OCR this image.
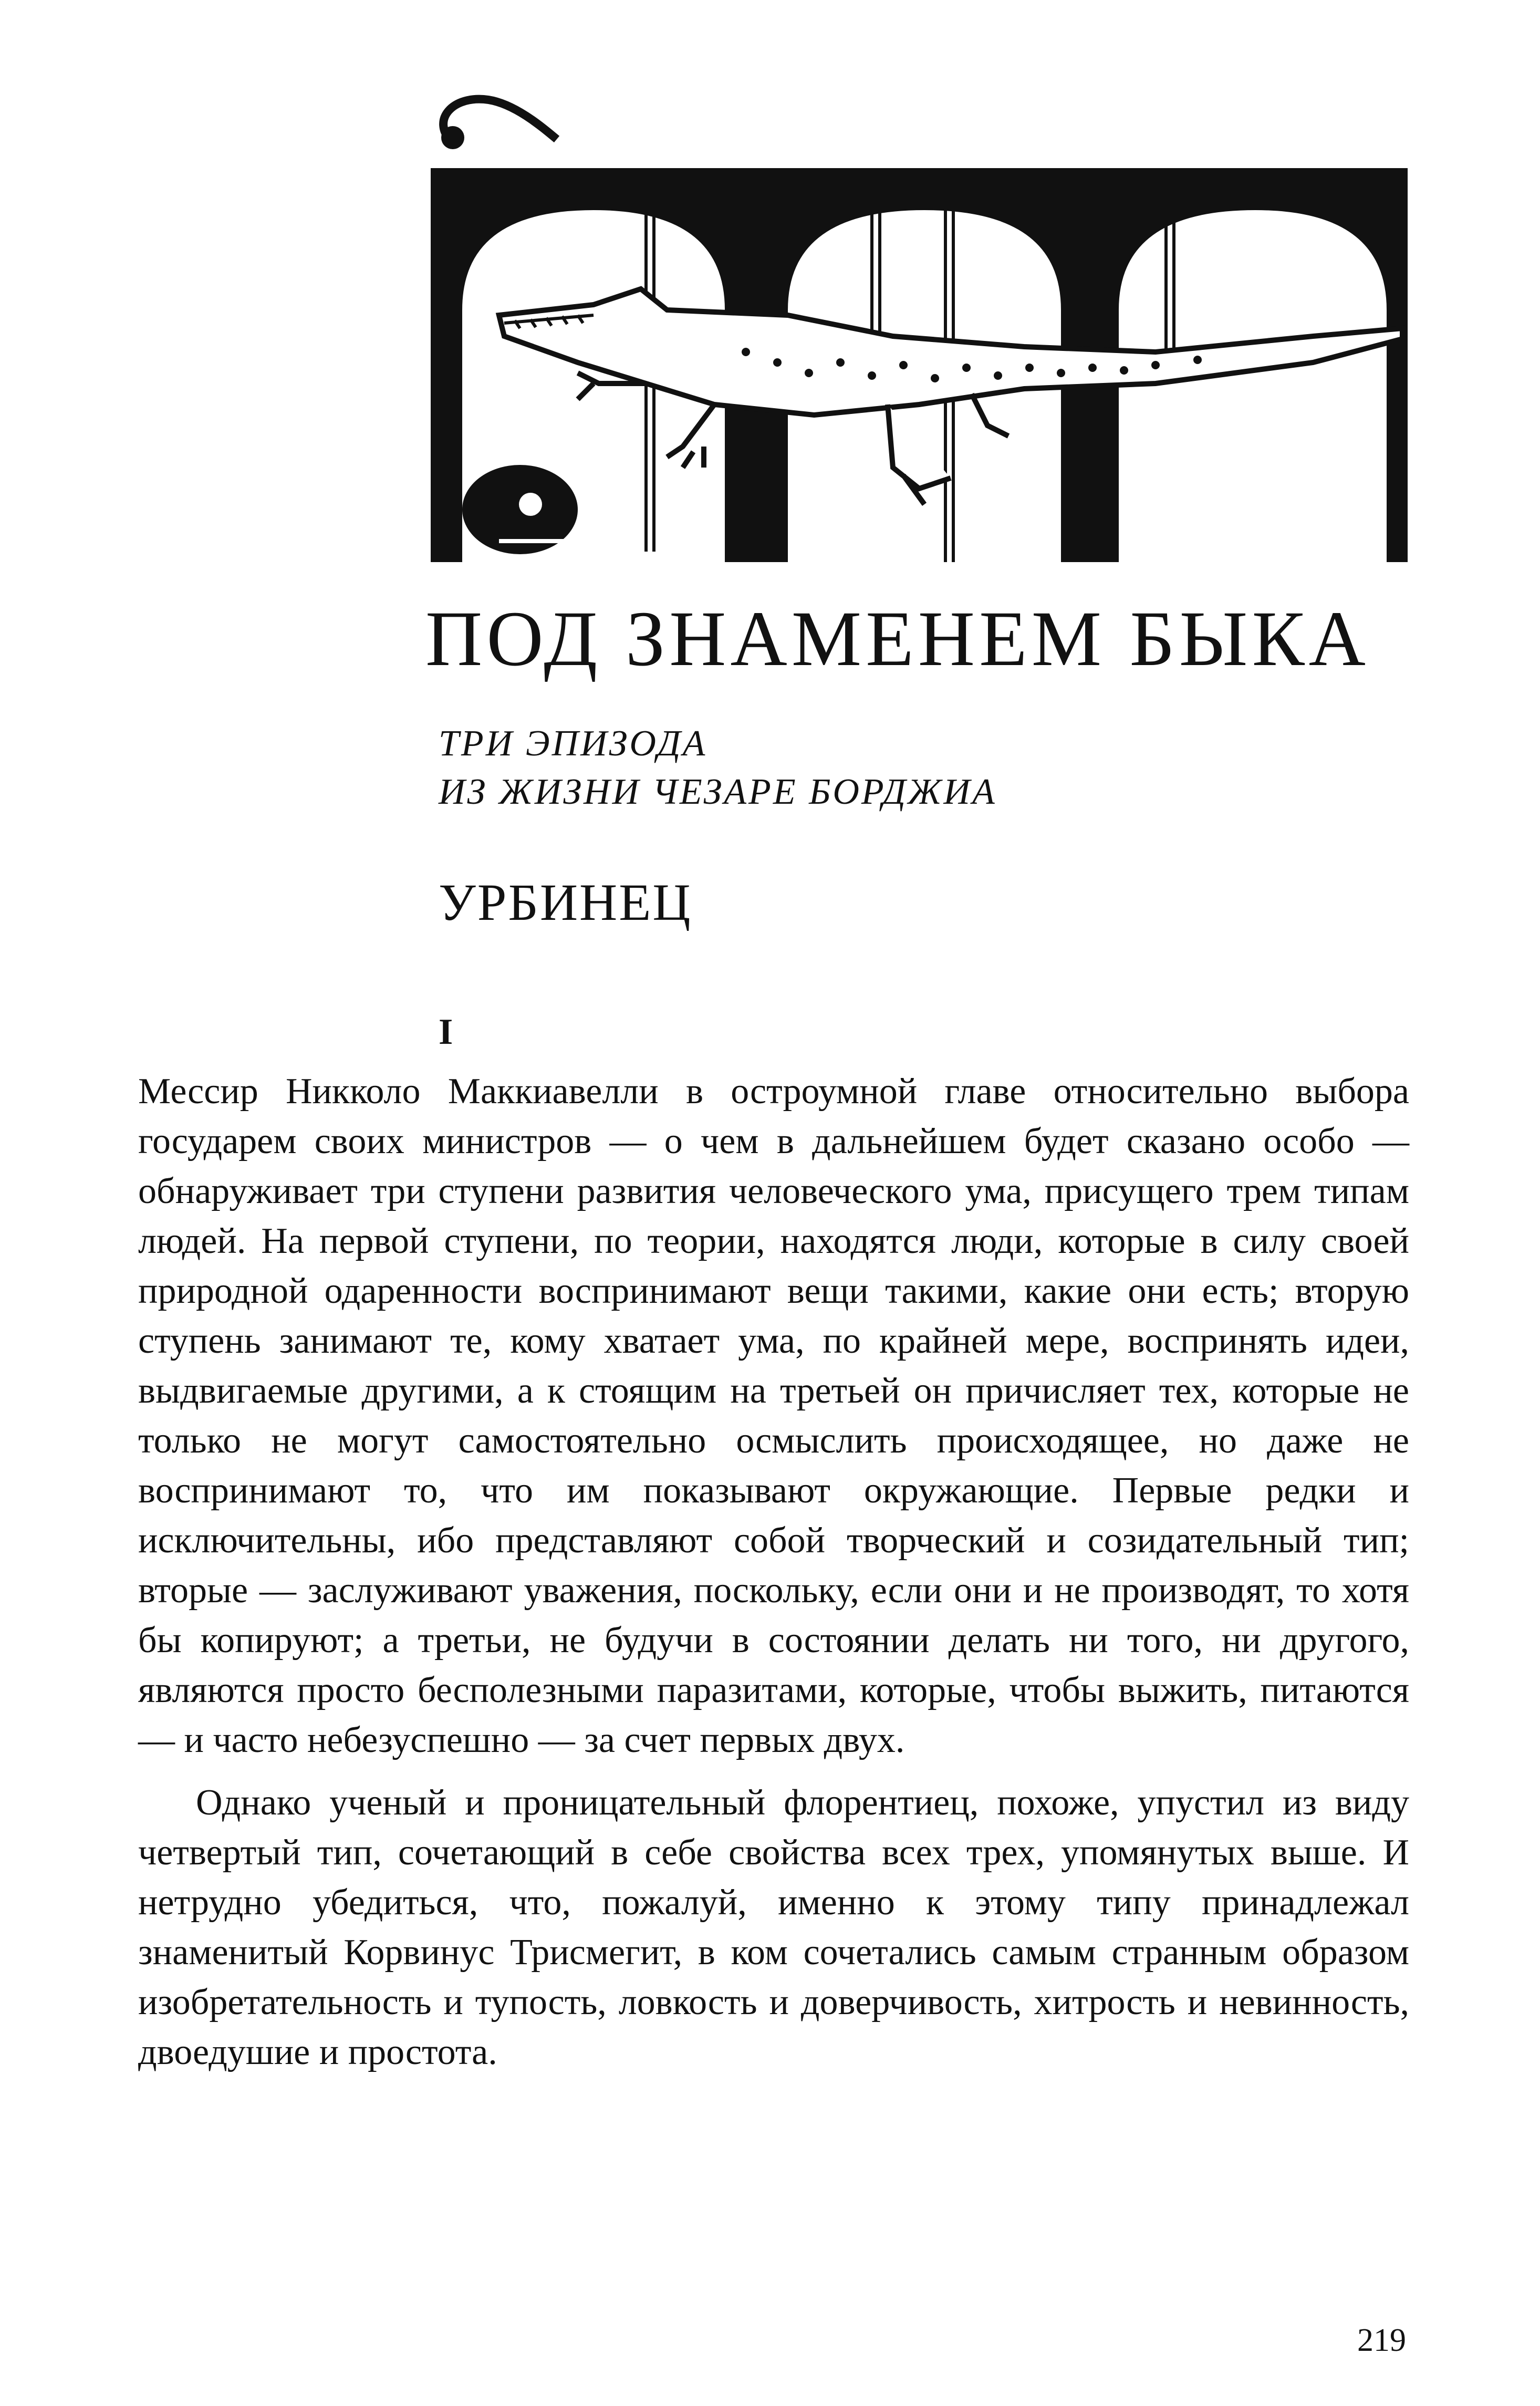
ПОД ЗНАМЕНЕМ БЫКА
ТРИ ЭПИЗОДА
ИЗ ЖИЗНИ ЧЕЗАРЕ БОРДЖИА
УРБИНЕЦ
I

Мессир Никколо Маккиавелли в остроумной главе относительно выбора государем своих министров — о чем в дальнейшем будет сказано особо — обнаруживает три ступени развития человеческого ума, присущего трем типам людей. На первой ступени, по теории, находятся люди, которые в силу своей природной одаренности воспринимают вещи такими, какие они есть; вторую ступень занимают те, кому хватает ума, по крайней мере, воспринять идеи, выдвигаемые другими, а к стоящим на третьей он причисляет тех, которые не только не могут самостоятельно осмыслить происходящее, но даже не воспринимают то, что им показывают окружающие. Первые редки и исключительны, ибо представляют собой творческий и созидательный тип; вторые — заслуживают уважения, поскольку, если они и не производят, то хотя бы копируют; а третьи, не будучи в состоянии делать ни того, ни другого, являются просто бесполезными паразитами, которые, чтобы выжить, питаются — и часто небезуспешно — за счет первых двух.

Однако ученый и проницательный флорентиец, похоже, упустил из виду четвертый тип, сочетающий в себе свойства всех трех, упомянутых выше. И нетрудно убедиться, что, пожалуй, именно к этому типу принадлежал знаменитый Корвинус Трисмегит, в ком сочетались самым странным образом изобретательность и тупость, ловкость и доверчивость, хитрость и невинность, двоедушие и простота.

219
